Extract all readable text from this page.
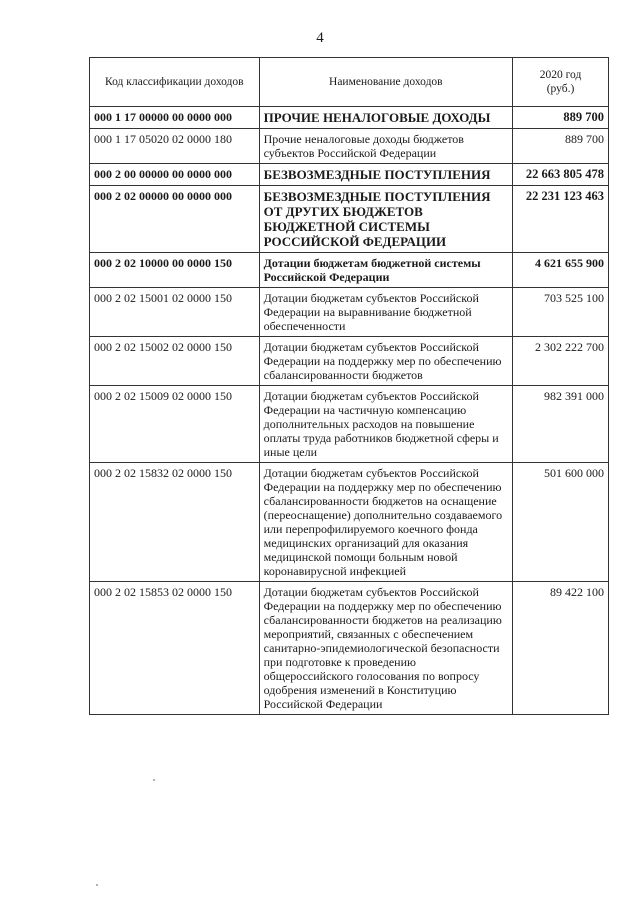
4
Код классификации доходов	Наименование доходов	2020 год
(руб.)
000 1 17 00000 00 0000 000	ПРОЧИЕ НЕНАЛОГОВЫЕ ДОХОДЫ	889 700
000 1 17 05020 02 0000 180	Прочие неналоговые доходы бюджетов субъектов Российской Федерации	889 700
000 2 00 00000 00 0000 000	БЕЗВОЗМЕЗДНЫЕ ПОСТУПЛЕНИЯ	22 663 805 478
000 2 02 00000 00 0000 000	БЕЗВОЗМЕЗДНЫЕ ПОСТУПЛЕНИЯ ОТ ДРУГИХ БЮДЖЕТОВ БЮДЖЕТНОЙ СИСТЕМЫ РОССИЙСКОЙ ФЕДЕРАЦИИ	22 231 123 463
000 2 02 10000 00 0000 150	Дотации бюджетам бюджетной системы Российской Федерации	4 621 655 900
000 2 02 15001 02 0000 150	Дотации бюджетам субъектов Российской Федерации на выравнивание бюджетной обеспеченности	703 525 100
000 2 02 15002 02 0000 150	Дотации бюджетам субъектов Российской Федерации на поддержку мер по обеспечению сбалансированности бюджетов	2 302 222 700
000 2 02 15009 02 0000 150	Дотации бюджетам субъектов Российской Федерации на частичную компенсацию дополнительных расходов на повышение оплаты труда работников бюджетной сферы и иные цели	982 391 000
000 2 02 15832 02 0000 150	Дотации бюджетам субъектов Российской Федерации на поддержку мер по обеспечению сбалансированности бюджетов на оснащение (переоснащение) дополнительно создаваемого или перепрофилируемого коечного фонда медицинских организаций для оказания медицинской помощи больным новой коронавирусной инфекцией	501 600 000
000 2 02 15853 02 0000 150	Дотации бюджетам субъектов Российской Федерации на поддержку мер по обеспечению сбалансированности бюджетов на реализацию мероприятий, связанных с обеспечением санитарно-эпидемиологической безопасности при подготовке к проведению общероссийского голосования по вопросу одобрения изменений в Конституцию Российской Федерации	89 422 100
